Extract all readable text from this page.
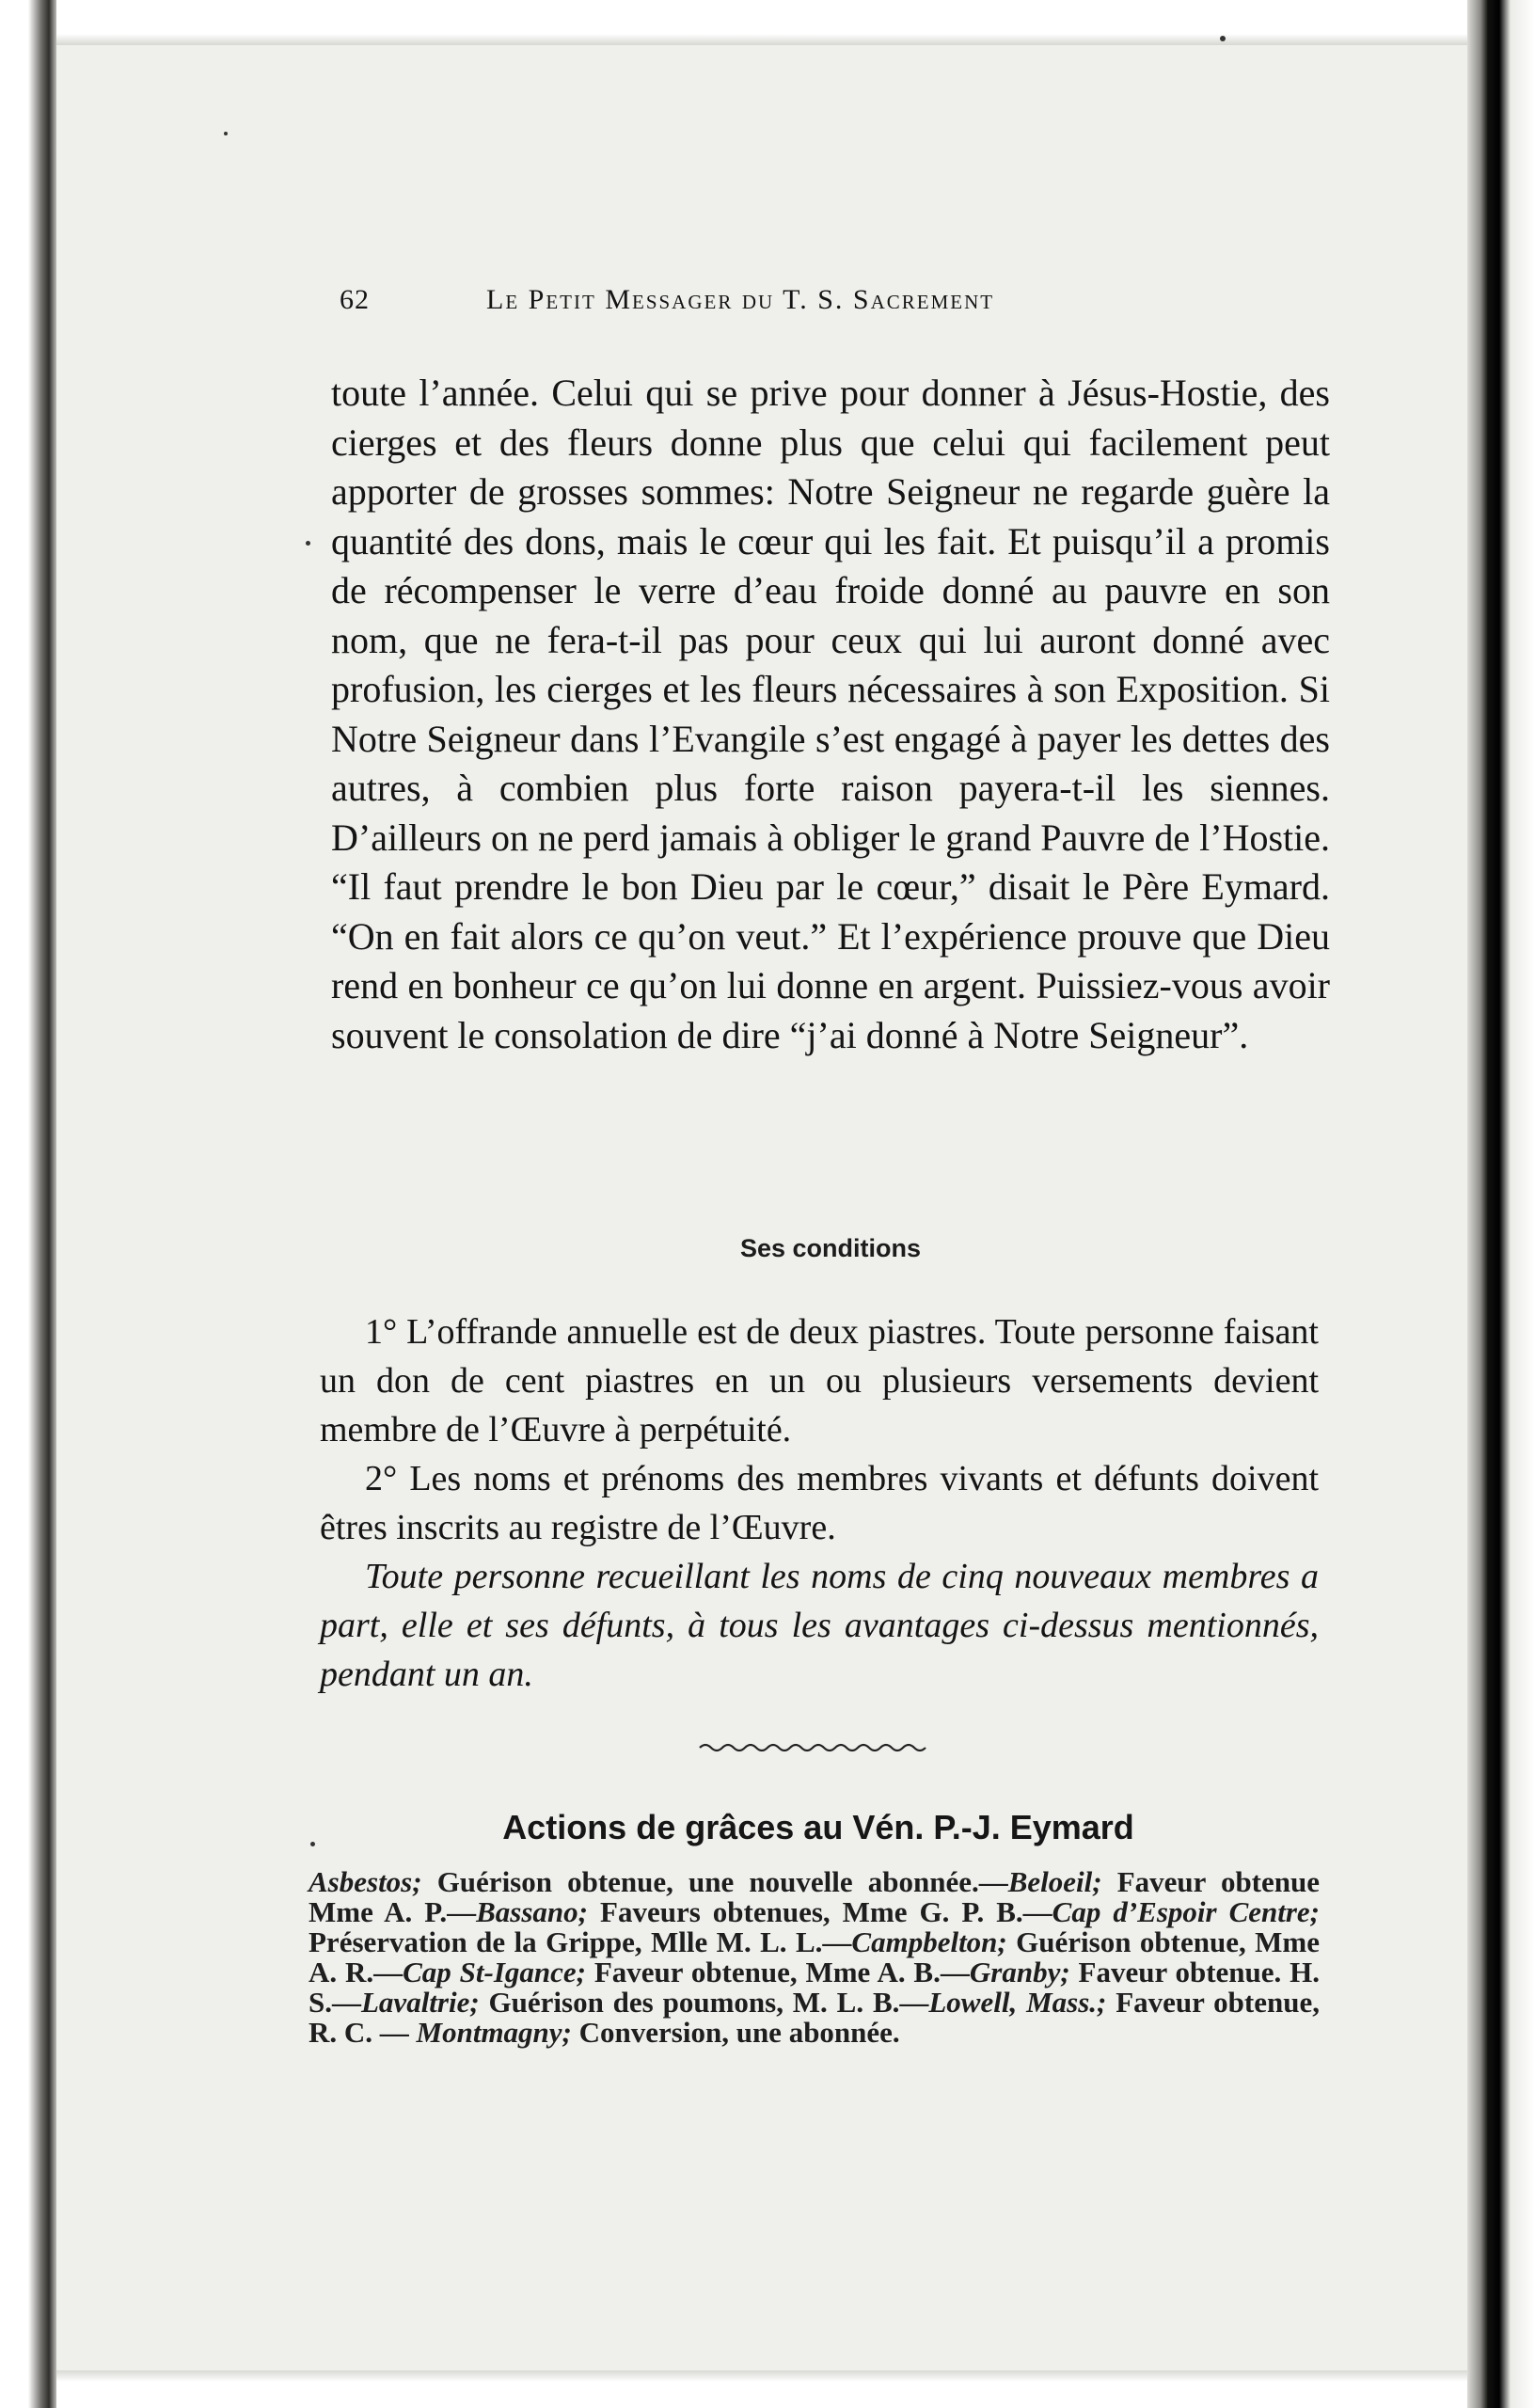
62	Le Petit Messager du T. S. Sacrement
toute l’année. Celui qui se prive pour donner à Jésus-Hostie, des cierges et des fleurs donne plus que celui qui facilement peut apporter de grosses sommes: Notre Seigneur ne regarde guère la quantité des dons, mais le cœur qui les fait. Et puisqu’il a promis de récompenser le verre d’eau froide donné au pauvre en son nom, que ne fera-t-il pas pour ceux qui lui auront donné avec profusion, les cierges et les fleurs nécessaires à son Exposition. Si Notre Seigneur dans l’Evangile s’est engagé à payer les dettes des autres, à combien plus forte raison payera-t-il les siennes. D’ailleurs on ne perd jamais à obliger le grand Pauvre de l’Hostie. “Il faut prendre le bon Dieu par le cœur,” disait le Père Eymard. “On en fait alors ce qu’on veut.” Et l’expérience prouve que Dieu rend en bonheur ce qu’on lui donne en argent. Puissiez-vous avoir souvent le consolation de dire “j’ai donné à Notre Seigneur”.
Ses conditions

1° L’offrande annuelle est de deux piastres. Toute personne faisant un don de cent piastres en un ou plusieurs versements devient membre de l’Œuvre à perpétuité.

2° Les noms et prénoms des membres vivants et défunts doivent êtres inscrits au registre de l’Œuvre.

Toute personne recueillant les noms de cinq nouveaux membres a part, elle et ses défunts, à tous les avantages ci-dessus mentionnés, pendant un an.

Actions de grâces au Vén. P.-J. Eymard
Asbestos; Guérison obtenue, une nouvelle abonnée.—Beloeil; Faveur obtenue Mme A. P.—Bassano; Faveurs obtenues, Mme G. P. B.—Cap d’Espoir Centre; Préservation de la Grippe, Mlle M. L. L.—Campbelton; Guérison obtenue, Mme A. R.—Cap St-Igance; Faveur obtenue, Mme A. B.—Granby; Faveur obtenue. H. S.—Lavaltrie; Guérison des poumons, M. L. B.—Lowell, Mass.; Faveur obtenue, R. C. — Montmagny; Conversion, une abonnée.
